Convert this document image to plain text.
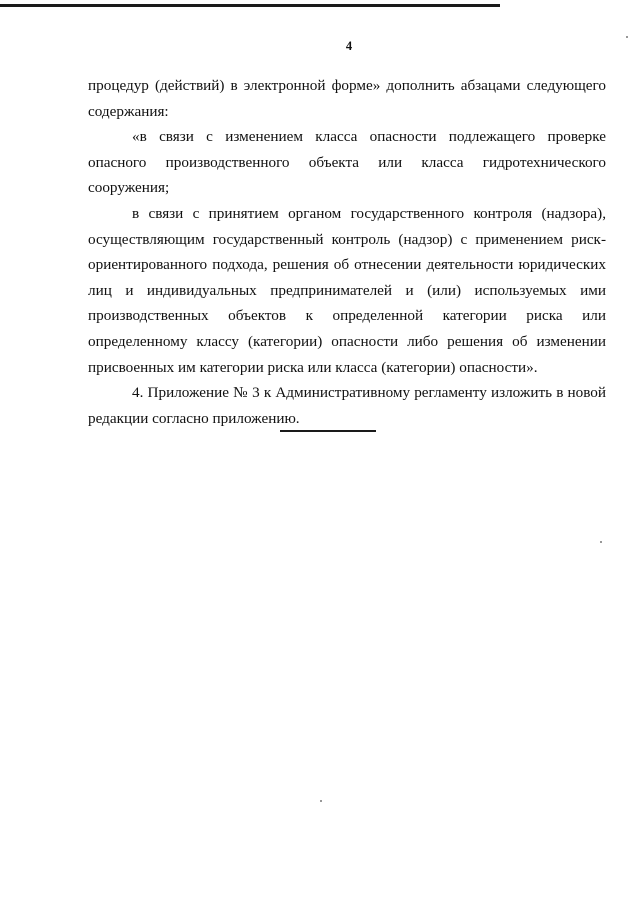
4

процедур (действий) в электронной форме» дополнить абзацами следующего содержания:

«в связи с изменением класса опасности подлежащего проверке опасного производственного объекта или класса гидротехнического сооружения;

в связи с принятием органом государственного контроля (надзора), осуществляющим государственный контроль (надзор) с применением риск-ориентированного подхода, решения об отнесении деятельности юридических лиц и индивидуальных предпринимателей и (или) используемых ими производственных объектов к определенной категории риска или определенному классу (категории) опасности либо решения об изменении присвоенных им категории риска или класса (категории) опасности».

4. Приложение № 3 к Административному регламенту изложить в новой редакции согласно приложению.
